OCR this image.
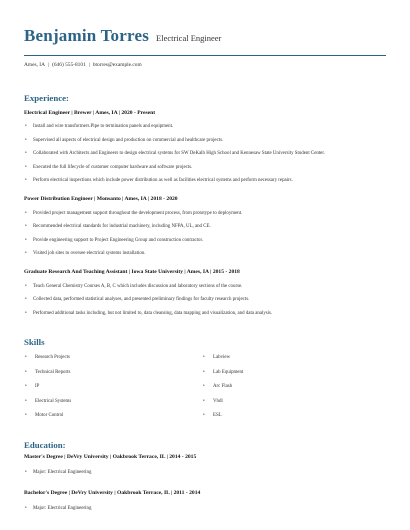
Benjamin Torres Electrical Engineer
Ames, IA | (646) 555-8101 | btorres@example.com
Experience:
Electrical Engineer | Brewer | Ames, IA | 2020 - Present
• Install and wire transformers.Pipe to termination panels and equipment.
• Supervised all aspects of electrical design and production on commercial and healthcare projects.
• Collaborated with Architects and Engineers to design electrical systems for SW DeKalb High School and Kennesaw State University Student Center.
• Executed the full lifecycle of customer computer hardware and software projects.
• Perform electrical inspections which include power distribution as well as facilities electrical systems and perform necessary repairs.
Power Distribution Engineer | Monsanto | Ames, IA | 2018 - 2020
• Provided project management support throughout the development process, from prototype to deployment.
• Recommended electrical standards for industrial machinery, including NFPA, UL, and CE.
• Provide engineering support to Project Engineering Group and construction contractor.
• Visited job sites to oversee electrical systems installation.
Graduate Research And Teaching Assistant | Iowa State University | Ames, IA | 2015 - 2018
• Teach General Chemistry Courses A, B, C which includes discussion and laboratory sections of the course.
• Collected data, performed statistical analyses, and presented preliminary findings for faculty research projects.
• Performed additional tasks including, but not limited to, data cleansing, data mapping and visualization, and data analysis.
Skills
• Research Projects
• Technical Reports
• IP
• Electrical Systems
• Motor Control
• Labview
• Lab Equipment
• Arc Flash
• Vhdl
• ESL
Education:
Master's Degree | DeVry University | Oakbrook Terrace, IL | 2014 - 2015
• Major: Electrical Engineering
Bachelor's Degree | DeVry University | Oakbrook Terrace, IL | 2011 - 2014
• Major: Electrical Engineering
